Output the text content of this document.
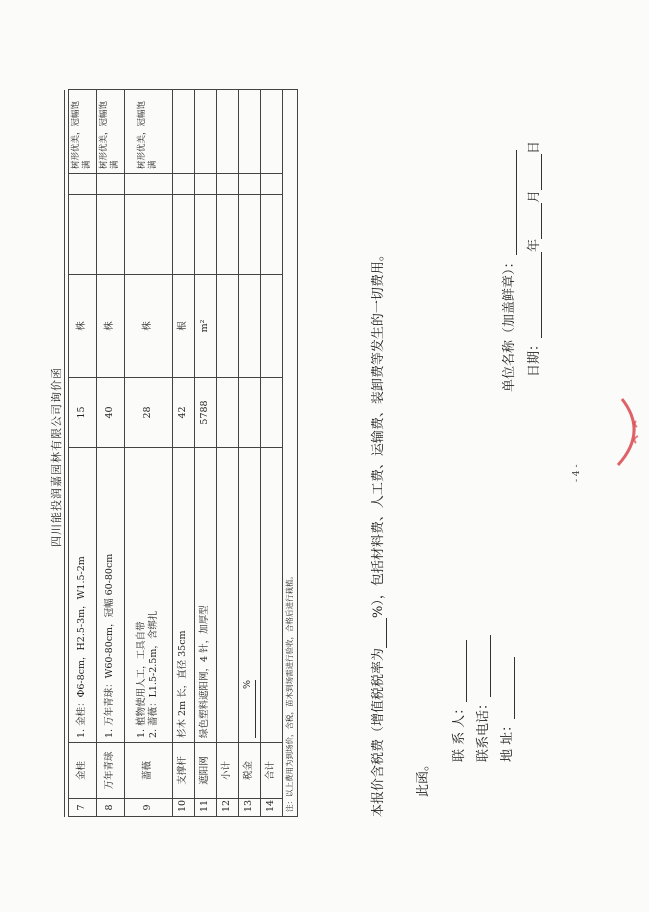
四川能投润嘉园林有限公司询价函
7	金桂	1. 金桂：Φ6-8cm，H2.5-3m，W1.5-2m	15	株			树形优美，冠幅饱满
8	万年青球	1. 万年青球：W60-80cm，冠幅 60-80cm	40	株			树形优美，冠幅饱满
9	蔷薇	1. 植物使用人工，工具自带 2. 蔷薇：L1.5-2.5m，含绑扎	28	株			树形优美，冠幅饱满
10	支撑杆	杉木 2m 长，直径 35cm	42	根			
11	遮阳网	绿色塑料遮阳网，4 针，加厚型	5788	m²			
12	小计	

13	税金	%					

14	合计	

注：以上费用为到场价，含税，苗木到场需进行验收，合格后进行栽植。								本报价含税费（增值税税率为 %），包括材料费、人工费、运输费、装卸费等发生的一切费用。
此函。
联 系 人： 联系电话： 地 址：
单位名称（加盖鲜章）： 日期：年月日
- 4 -
